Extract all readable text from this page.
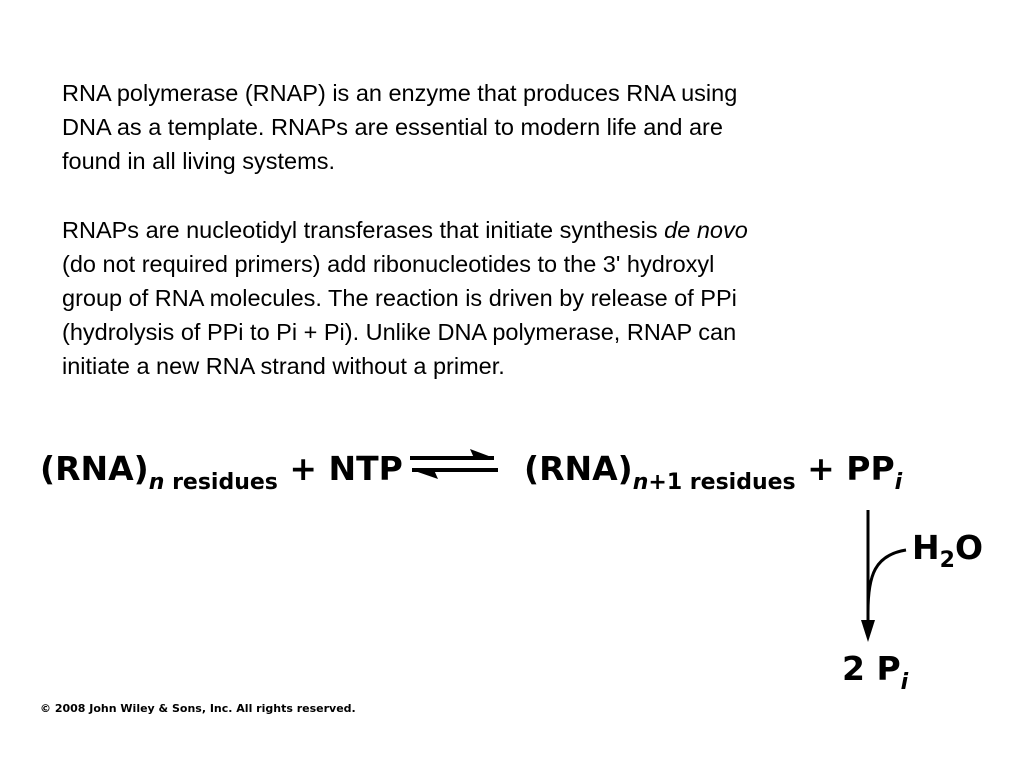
RNA polymerase (RNAP) is an enzyme that produces RNA using
DNA as a template. RNAPs are essential to modern life and are
found in all living systems.
RNAPs are nucleotidyl transferases that initiate synthesis de novo
(do not required primers) add ribonucleotides to the 3' hydroxyl
group of RNA molecules. The reaction is driven by release of PPi
(hydrolysis of PPi to Pi + Pi). Unlike DNA polymerase, RNAP can
initiate a new RNA strand without a primer.
(RNA)n residues + NTP	(RNA)n+1 residues + PPi
H2O
2 Pi
© 2008 John Wiley & Sons, Inc. All rights reserved.
